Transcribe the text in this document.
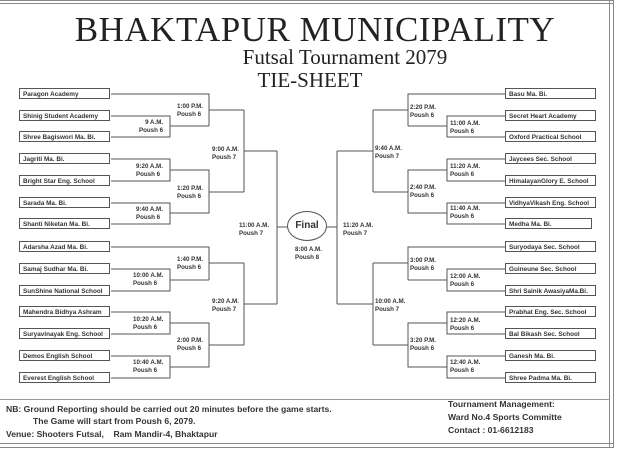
BHAKTAPUR MUNICIPALITY
Futsal Tournament 2079
TIE-SHEET
Paragon Academy
Shinig Student Academy
Shree Bagiswori Ma. Bi.
Jagriti Ma. Bi.
Bright Star Eng. School
Sarada Ma. Bi.
Shanti Niketan Ma. Bi.
Adarsha Azad Ma. Bi.
Samaj Sudhar Ma. Bi.
SunShine National School
Mahendra Bidhya Ashram
Suryavinayak Eng. School
Demos English School
Everest English School
Basu Ma. Bi.
Secret Heart Academy
Oxford Practical School
Jaycees Sec. School
HimalayanGlory E. School
VidhyaVikash Eng. School
Medha Ma. Bi.
Suryodaya Sec. School
Guineune Sec. School
Shri Sainik AwasiyaMa.Bi.
Prabhat Eng. Sec. School
Bal Bikash Sec. School
Ganesh Ma. Bi.
Shree Padma Ma. Bi.
9 A.M.
Poush 6
1:00 P.M.
Poush 6
9:20 A.M.
Poush 6
9:40 A.M.
Poush 6
1:20 P.M.
Poush 6
9:00 A.M.
Poush 7
10:00 A.M.
Poush 6
1:40 P.M.
Poush 6
10:20 A.M.
Poush 6
10:40 A.M.
Poush 6
2:00 P.M.
Poush 6
9:20 A.M.
Poush 7
11:00 A.M.
Poush 7
11:00 A.M.
Poush 6
2:20 P.M.
Poush 6
11:20 A.M.
Poush 6
11:40 A.M.
Poush 6
2:40 P.M.
Poush 6
9:40 A.M.
Poush 7
12:00 A.M.
Poush 6
3:00 P.M.
Poush 6
12:20 A.M.
Poush 6
12:40 A.M.
Poush 6
3:20 P.M.
Poush 6
10:00 A.M.
Poush 7
11:20 A.M.
Poush 7
Final
8:00 A.M.
Poush 8
NB: Ground Reporting should be carried out 20 minutes before the game starts.
The Game will start from Poush 6, 2079.
Venue: Shooters Futsal,    Ram Mandir-4, Bhaktapur
Tournament Management:
Ward No.4 Sports Committe
Contact : 01-6612183
